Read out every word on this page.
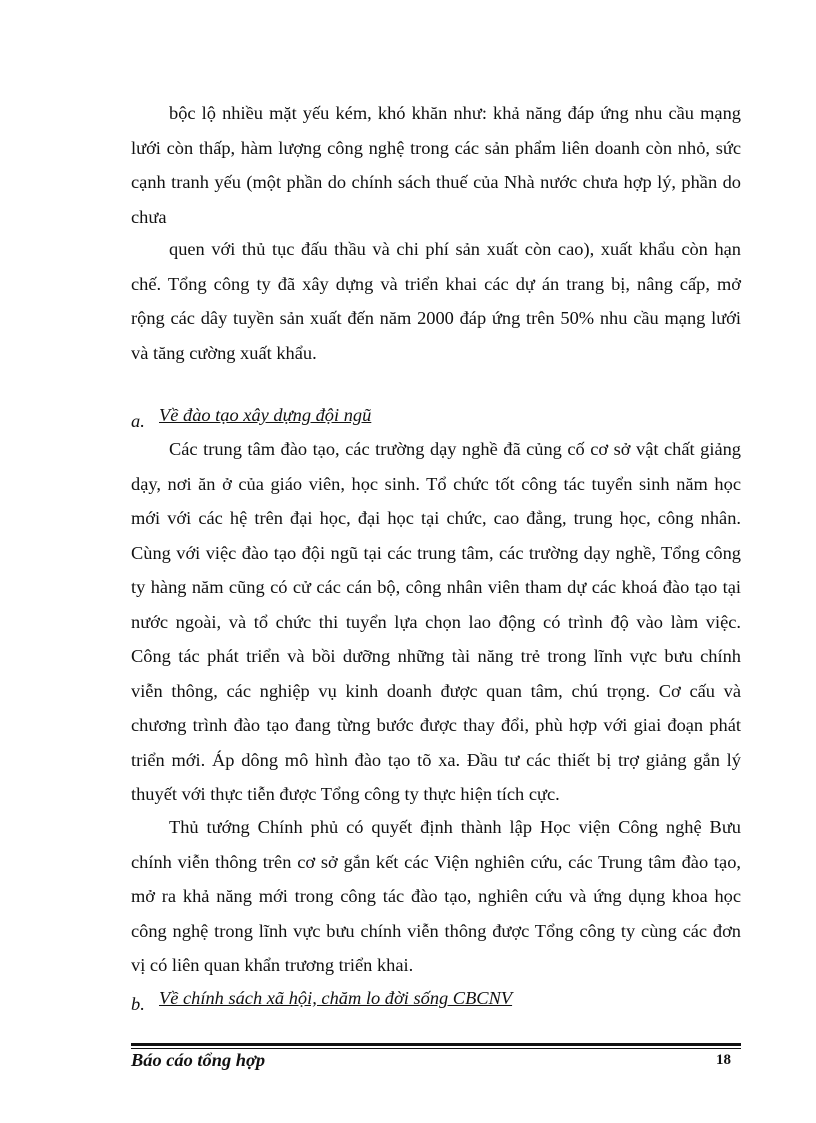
bộc lộ nhiều mặt yếu kém, khó khăn như: khả năng đáp ứng nhu cầu mạng
lưới còn thấp, hàm lượng công nghệ trong các sản phẩm liên doanh còn nhỏ, sức
cạnh tranh yếu (một phần do chính sách thuế của Nhà nước chưa hợp lý, phần do
chưa
quen với thủ tục đấu thầu và chi phí sản xuất còn cao), xuất khẩu còn hạn
chế. Tổng công ty đã xây dựng và triển khai các dự án trang bị, nâng cấp, mở
rộng các dây tuyền sản xuất đến năm 2000 đáp ứng trên 50% nhu cầu mạng lưới
và tăng cường xuất khẩu.
a. Về đào tạo xây dựng đội ngũ
Các trung tâm đào tạo, các trường dạy nghề đã củng cố cơ sở vật chất giảng
dạy, nơi ăn ở của giáo viên, học sinh. Tổ chức tốt công tác tuyển sinh năm học
mới với các hệ trên đại học, đại học tại chức, cao đẳng, trung học, công nhân.
Cùng với việc đào tạo đội ngũ tại các trung tâm, các trường dạy nghề, Tổng công
ty hàng năm cũng có cử các cán bộ, công nhân viên tham dự các khoá đào tạo tại
nước ngoài, và tổ chức thi tuyển lựa chọn lao động có trình độ vào làm việc.
Công tác phát triển và bồi dưỡng những tài năng trẻ trong lĩnh vực bưu chính
viễn thông, các nghiệp vụ kinh doanh được quan tâm, chú trọng. Cơ cấu và
chương trình đào tạo đang từng bước được thay đổi, phù hợp với giai đoạn phát
triển mới. Áp dông mô hình đào tạo tõ xa. Đầu tư các thiết bị trợ giảng gắn lý
thuyết với thực tiễn được Tổng công ty thực hiện tích cực.
Thủ tướng Chính phủ có quyết định thành lập Học viện Công nghệ Bưu
chính viễn thông trên cơ sở gắn kết các Viện nghiên cứu, các Trung tâm đào tạo,
mở ra khả năng mới trong công tác đào tạo, nghiên cứu và ứng dụng khoa học
công nghệ trong lĩnh vực bưu chính viễn thông được Tổng công ty cùng các đơn
vị có liên quan khẩn trương triển khai.
b. Về chính sách xã hội, chăm lo đời sống CBCNV
Báo cáo tổng hợp	18
